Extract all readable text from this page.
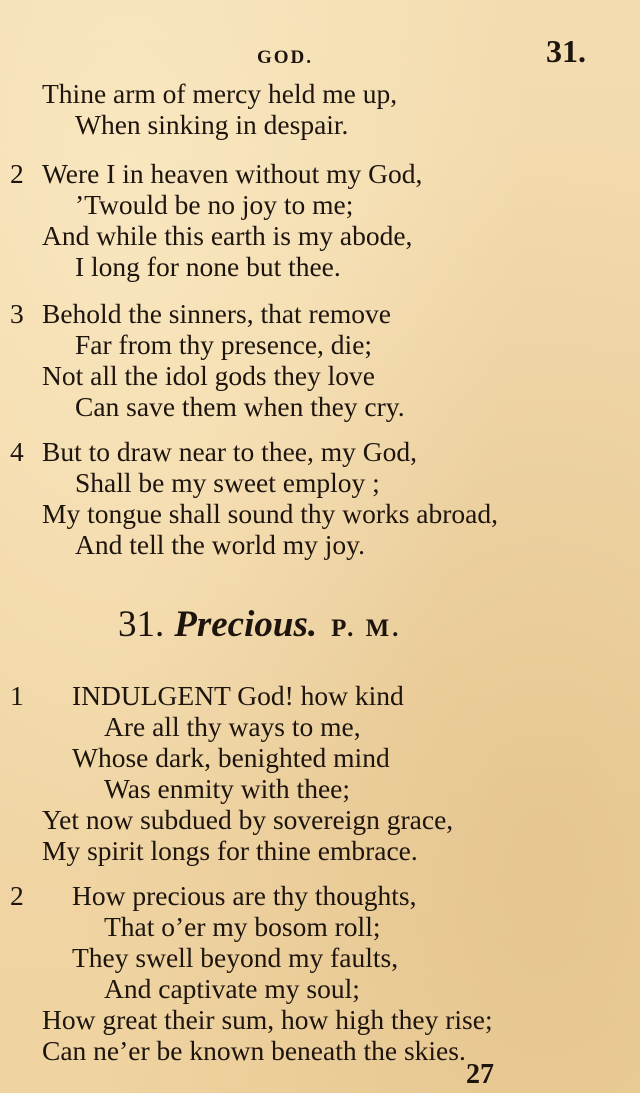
GOD.	31.
Thine arm of mercy held me up,
When sinking in despair.
2 Were I in heaven without my God,
’Twould be no joy to me;
And while this earth is my abode,
I long for none but thee.
3 Behold the sinners, that remove
Far from thy presence, die;
Not all the idol gods they love
Can save them when they cry.
4 But to draw near to thee, my God,
Shall be my sweet employ ;
My tongue shall sound thy works abroad,
And tell the world my joy.
31. Precious. P. M.
1 INDULGENT God! how kind
Are all thy ways to me,
Whose dark, benighted mind
Was enmity with thee;
Yet now subdued by sovereign grace,
My spirit longs for thine embrace.
2 How precious are thy thoughts,
That o’er my bosom roll;
They swell beyond my faults,
And captivate my soul;
How great their sum, how high they rise;
Can ne’er be known beneath the skies.
27
